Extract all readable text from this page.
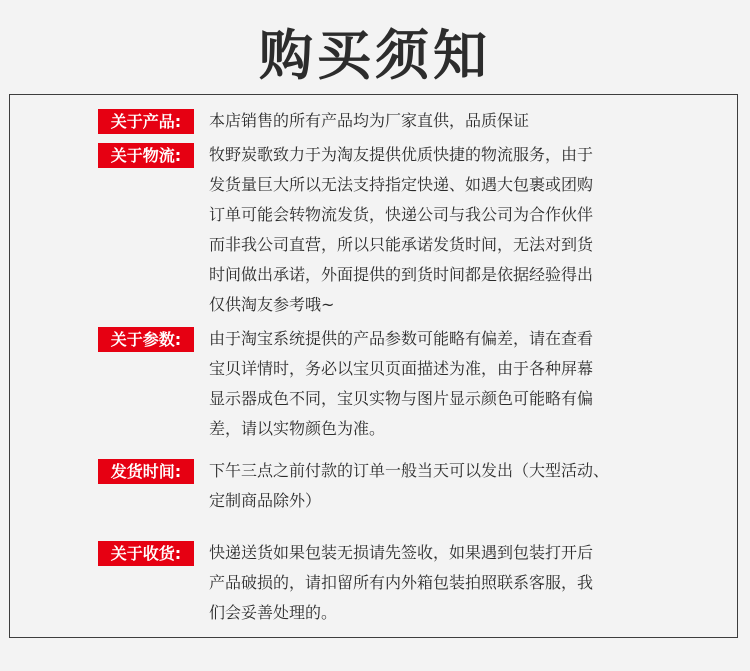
购买须知
关于产品:	本店销售的所有产品均为厂家直供，品质保证
关于物流:	牧野炭歌致力于为淘友提供优质快捷的物流服务，由于
发货量巨大所以无法支持指定快递、如遇大包裹或团购
订单可能会转物流发货，快递公司与我公司为合作伙伴
而非我公司直营，所以只能承诺发货时间，无法对到货
时间做出承诺，外面提供的到货时间都是依据经验得出
仅供淘友参考哦~
关于参数:	由于淘宝系统提供的产品参数可能略有偏差，请在查看
宝贝详情时，务必以宝贝页面描述为准，由于各种屏幕
显示器成色不同，宝贝实物与图片显示颜色可能略有偏
差，请以实物颜色为准。
发货时间:	下午三点之前付款的订单一般当天可以发出（大型活动、
定制商品除外）
关于收货:	快递送货如果包装无损请先签收，如果遇到包装打开后
产品破损的，请扣留所有内外箱包装拍照联系客服，我
们会妥善处理的。
